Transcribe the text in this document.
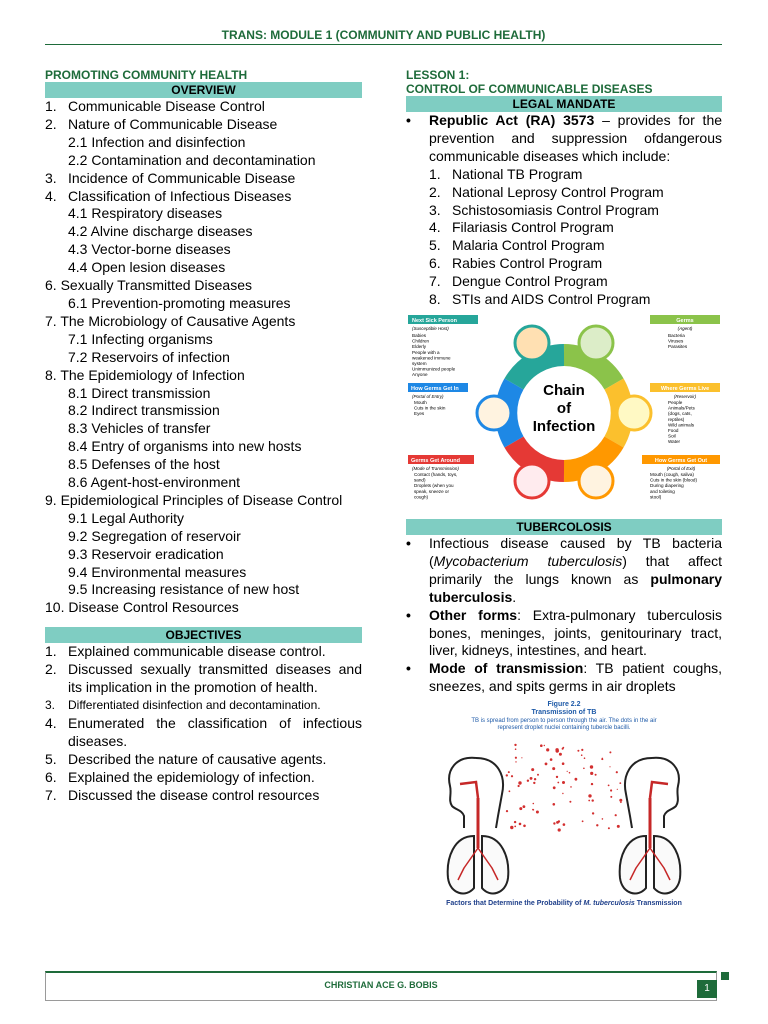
TRANS: MODULE 1 (COMMUNITY AND PUBLIC HEALTH)
PROMOTING COMMUNITY HEALTH
OVERVIEW
1. Communicable Disease Control
2. Nature of Communicable Disease
2.1 Infection and disinfection
2.2 Contamination and decontamination
3. Incidence of Communicable Disease
4. Classification of Infectious Diseases
4.1 Respiratory diseases
4.2 Alvine discharge diseases
4.3 Vector-borne diseases
4.4 Open lesion diseases
6. Sexually Transmitted Diseases
6.1 Prevention-promoting measures
7. The Microbiology of Causative Agents
7.1 Infecting organisms
7.2 Reservoirs of infection
8. The Epidemiology of Infection
8.1 Direct transmission
8.2 Indirect transmission
8.3 Vehicles of transfer
8.4 Entry of organisms into new hosts
8.5 Defenses of the host
8.6 Agent-host-environment
9. Epidemiological Principles of Disease Control
9.1 Legal Authority
9.2 Segregation of reservoir
9.3 Reservoir eradication
9.4 Environmental measures
9.5 Increasing resistance of new host
10. Disease Control Resources
OBJECTIVES
1. Explained communicable disease control.
2. Discussed sexually transmitted diseases and its implication in the promotion of health.
3.	Differentiated disinfection and decontamination.
4. Enumerated the classification of infectious diseases.
5. Described the nature of causative agents.
6. Explained the epidemiology of infection.
7. Discussed the disease control resources
LESSON 1:
CONTROL OF COMMUNICABLE DISEASES
LEGAL MANDATE
•	Republic Act (RA) 3573 – provides for the prevention and suppression ofdangerous communicable diseases which include:
1. National TB Program
2. National Leprosy Control Program
3. Schistosomiasis Control Program
4. Filariasis Control Program
5. Malaria Control Program
6. Rabies Control Program
7. Dengue Control Program
8. STIs and AIDS Control Program
Chain
of
Infection
Next Sick Person
(Susceptible Host)
Babies
Children
Elderly
People with a
weakened immune
system
Unimmunized people
Anyone
Germs
(Agent)
Bacteria
Viruses
Parasites
How Germs Get In
(Portal of Entry)
Mouth
Cuts in the skin
Eyes
Where Germs Live
(Reservoir)
People
Animals/Pets
(dogs, cats,
reptiles)
Wild animals
Food
Soil
Water
Germs Get Around
(Mode of Transmission)
Contact (hands, toys,
sand)
Droplets (when you
speak, sneeze or
cough)
How Germs Get Out
(Portal of Exit)
Mouth (cough, saliva)
Cuts in the skin (blood)
During diapering
and toileting
stool)
TUBERCOLOSIS
•	Infectious disease caused by TB bacteria (Mycobacterium tuberculosis) that affect primarily the lungs known as pulmonary tuberculosis.
•	Other forms: Extra-pulmonary tuberculosis bones, meninges, joints, genitourinary tract, liver, kidneys, intestines, and heart.
•	Mode of transmission: TB patient coughs, sneezes, and spits germs in air droplets
Figure 2.2
Transmission of TB
TB is spread from person to person through the air. The dots in the air
represent droplet nuclei containing tubercle bacilli.
Factors that Determine the Probability of M. tuberculosis Transmission
CHRISTIAN ACE G. BOBIS	1
